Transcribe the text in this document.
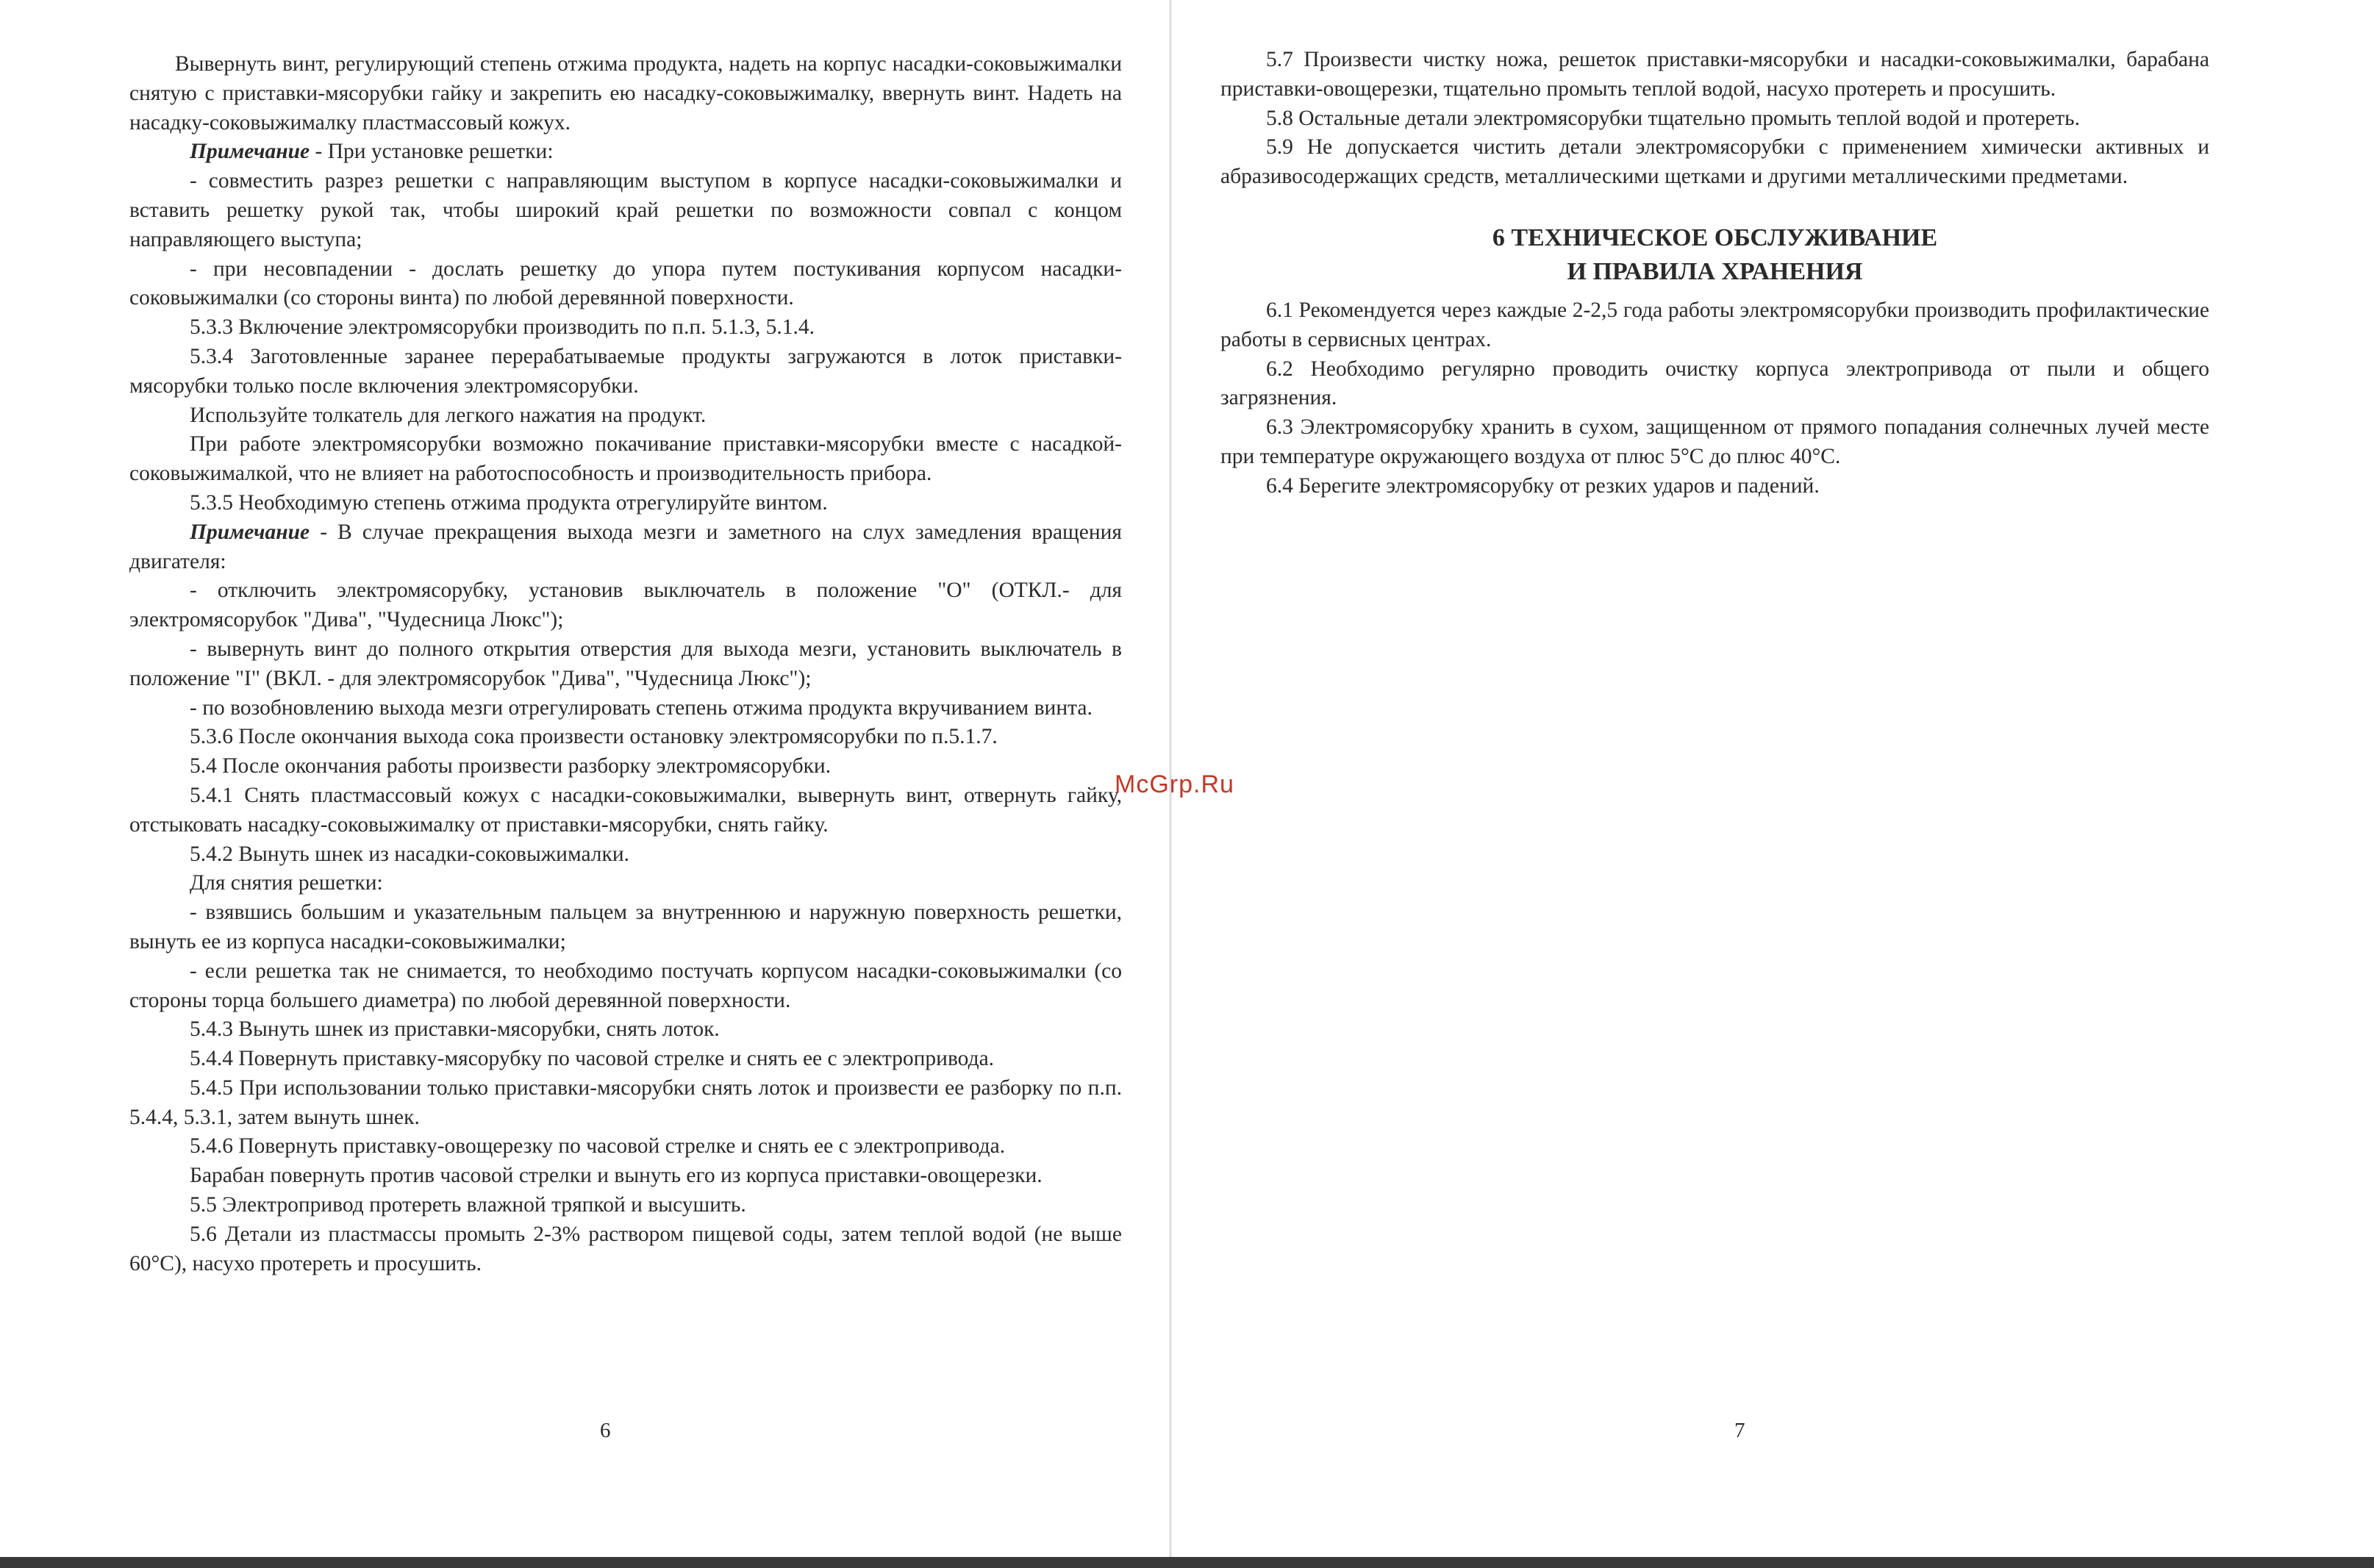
Вывернуть винт, регулирующий степень отжима продукта, надеть на корпус насадки-соковыжималки снятую с приставки-мясорубки гайку и закрепить ею насадку-соковыжималку, ввернуть винт. Надеть на насадку-соковыжималку пластмассовый кожух.

Примечание - При установке решетки:

- совместить разрез решетки с направляющим выступом в корпусе насадки-соковыжималки и вставить решетку рукой так, чтобы широкий край решетки по возможности совпал с концом направляющего выступа;

- при несовпадении - дослать решетку до упора путем постукивания корпусом насадки-соковыжималки (со стороны винта) по любой деревянной поверхности.

5.3.3 Включение электромясорубки производить по п.п. 5.1.3, 5.1.4.

5.3.4 Заготовленные заранее перерабатываемые продукты загружаются в лоток приставки-мясорубки только после включения электромясорубки.

Используйте толкатель для легкого нажатия на продукт.

При работе электромясорубки возможно покачивание приставки-мясорубки вместе с насадкой-соковыжималкой, что не влияет на работоспособность и производительность прибора.

5.3.5 Необходимую степень отжима продукта отрегулируйте винтом.

Примечание - В случае прекращения выхода мезги и заметного на слух замедления вращения двигателя:

- отключить электромясорубку, установив выключатель в положение "О" (ОТКЛ.- для электромясорубок "Дива", "Чудесница Люкс");

- вывернуть винт до полного открытия отверстия для выхода мезги, установить выключатель в положение "I" (ВКЛ. - для электромясорубок "Дива", "Чудесница Люкс");

- по возобновлению выхода мезги отрегулировать степень отжима продукта вкручиванием винта.

5.3.6 После окончания выхода сока произвести остановку электромясорубки по п.5.1.7.

5.4 После окончания работы произвести разборку электромясорубки.

5.4.1 Снять пластмассовый кожух с насадки-соковыжималки, вывернуть винт, отвернуть гайку, отстыковать насадку-соковыжималку от приставки-мясорубки, снять гайку.

5.4.2 Вынуть шнек из насадки-соковыжималки.

Для снятия решетки:

- взявшись большим и указательным пальцем за внутреннюю и наружную поверхность решетки, вынуть ее из корпуса насадки-соковыжималки;

- если решетка так не снимается, то необходимо постучать корпусом насадки-соковыжималки (со стороны торца большего диаметра) по любой деревянной поверхности.

5.4.3 Вынуть шнек из приставки-мясорубки, снять лоток.

5.4.4 Повернуть приставку-мясорубку по часовой стрелке и снять ее с электропривода.

5.4.5 При использовании только приставки-мясорубки снять лоток и произвести ее разборку по п.п. 5.4.4, 5.3.1, затем вынуть шнек.

5.4.6 Повернуть приставку-овощерезку по часовой стрелке и снять ее с электропривода.

Барабан повернуть против часовой стрелки и вынуть его из корпуса приставки-овощерезки.

5.5 Электропривод протереть влажной тряпкой и высушить.

5.6 Детали из пластмассы промыть 2-3% раствором пищевой соды, затем теплой водой (не выше 60°С), насухо протереть и просушить.

6

5.7 Произвести чистку ножа, решеток приставки-мясорубки и насадки-соковыжималки, барабана приставки-овощерезки, тщательно промыть теплой водой, насухо протереть и просушить.

5.8 Остальные детали электромясорубки тщательно промыть теплой водой и протереть.

5.9 Не допускается чистить детали электромясорубки с применением химически активных и абразивосодержащих средств, металлическими щетками и другими металлическими предметами.

6 ТЕХНИЧЕСКОЕ ОБСЛУЖИВАНИЕ
И ПРАВИЛА ХРАНЕНИЯ

6.1 Рекомендуется через каждые 2-2,5 года работы электромясорубки производить профилактические работы в сервисных центрах.

6.2 Необходимо регулярно проводить очистку корпуса электропривода от пыли и общего загрязнения.

6.3 Электромясорубку хранить в сухом, защищенном от прямого попадания солнечных лучей месте при температуре окружающего воздуха от плюс 5°С до плюс 40°С.

6.4 Берегите электромясорубку от резких ударов и падений.

7
McGrp.Ru
